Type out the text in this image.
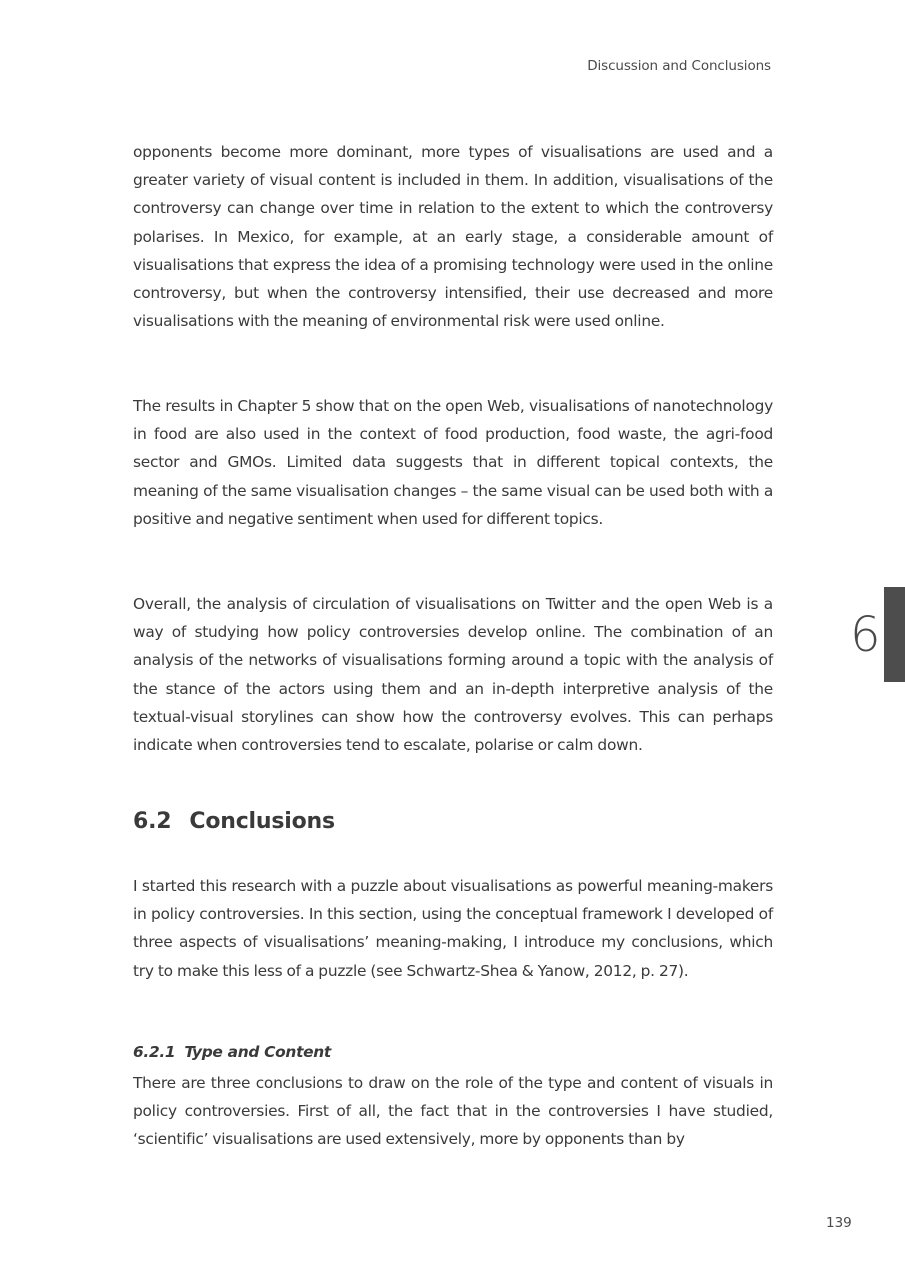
Discussion and Conclusions

opponents become more dominant, more types of visualisations are used and a greater variety of visual content is included in them. In addition, visualisations of the controversy can change over time in relation to the extent to which the controversy polarises. In Mexico, for example, at an early stage, a considerable amount of visualisations that express the idea of a promising technology were used in the online controversy, but when the controversy intensified, their use decreased and more visualisations with the meaning of environmental risk were used online.

The results in Chapter 5 show that on the open Web, visualisations of nanotechnology in food are also used in the context of food production, food waste, the agri-food sector and GMOs. Limited data suggests that in different topical contexts, the meaning of the same visualisation changes – the same visual can be used both with a positive and negative sentiment when used for different topics.

Overall, the analysis of circulation of visualisations on Twitter and the open Web is a way of studying how policy controversies develop online. The combination of an analysis of the networks of visualisations forming around a topic with the analysis of the stance of the actors using them and an in-depth interpretive analysis of the textual-visual storylines can show how the controversy evolves. This can perhaps indicate when controversies tend to escalate, polarise or calm down.

6.2 Conclusions

I started this research with a puzzle about visualisations as powerful meaning-makers in policy controversies. In this section, using the conceptual framework I developed of three aspects of visualisations’ meaning-making, I introduce my conclusions, which try to make this less of a puzzle (see Schwartz-Shea & Yanow, 2012, p. 27).

6.2.1 Type and Content

There are three conclusions to draw on the role of the type and content of visuals in policy controversies. First of all, the fact that in the controversies I have studied, ‘scientific’ visualisations are used extensively, more by opponents than by

6
139
